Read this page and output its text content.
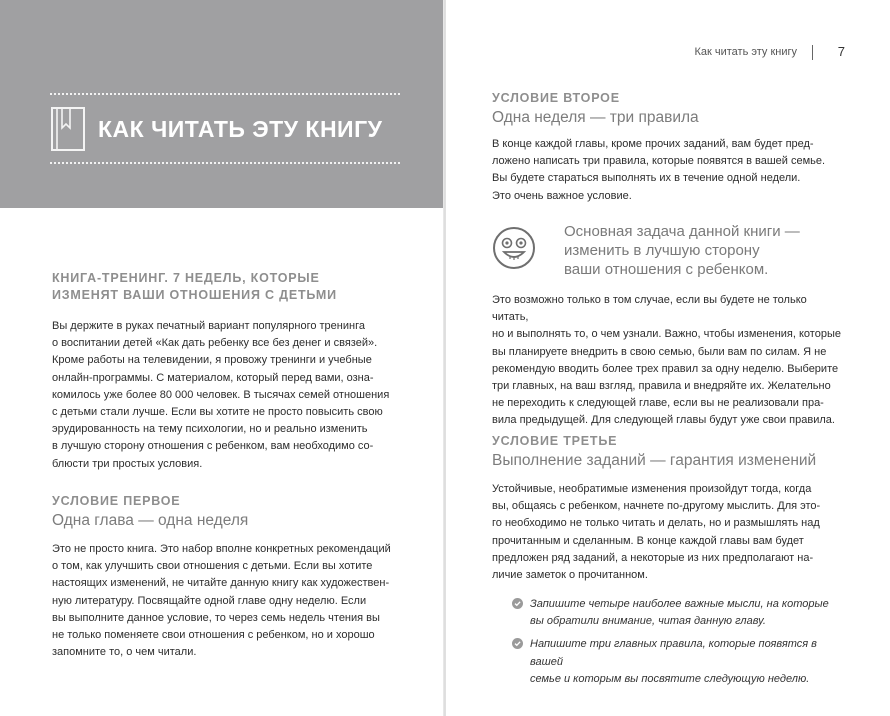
КАК ЧИТАТЬ ЭТУ КНИГУ
КНИГА-ТРЕНИНГ. 7 НЕДЕЛЬ, КОТОРЫЕ
ИЗМЕНЯТ ВАШИ ОТНОШЕНИЯ С ДЕТЬМИ
Вы держите в руках печатный вариант популярного тренинга
о воспитании детей «Как дать ребенку все без денег и связей».
Кроме работы на телевидении, я провожу тренинги и учебные
онлайн-программы. С материалом, который перед вами, озна-
комилось уже более 80 000 человек. В тысячах семей отношения
с детьми стали лучше. Если вы хотите не просто повысить свою
эрудированность на тему психологии, но и реально изменить
в лучшую сторону отношения с ребенком, вам необходимо со-
блюсти три простых условия.
УСЛОВИЕ ПЕРВОЕ
Одна глава — одна неделя
Это не просто книга. Это набор вполне конкретных рекомендаций
о том, как улучшить свои отношения с детьми. Если вы хотите
настоящих изменений, не читайте данную книгу как художествен-
ную литературу. Посвящайте одной главе одну неделю. Если
вы выполните данное условие, то через семь недель чтения вы
не только поменяете свои отношения с ребенком, но и хорошо
запомните то, о чем читали.
Как читать эту книгу	7
УСЛОВИЕ ВТОРОЕ
Одна неделя — три правила
В конце каждой главы, кроме прочих заданий, вам будет пред-
ложено написать три правила, которые появятся в вашей семье.
Вы будете стараться выполнять их в течение одной недели.
Это очень важное условие.
Основная задача данной книги —
изменить в лучшую сторону
ваши отношения с ребенком.
Это возможно только в том случае, если вы будете не только читать,
но и выполнять то, о чем узнали. Важно, чтобы изменения, которые
вы планируете внедрить в свою семью, были вам по силам. Я не
рекомендую вводить более трех правил за одну неделю. Выберите
три главных, на ваш взгляд, правила и внедряйте их. Желательно
не переходить к следующей главе, если вы не реализовали пра-
вила предыдущей. Для следующей главы будут уже свои правила.
УСЛОВИЕ ТРЕТЬЕ
Выполнение заданий — гарантия изменений
Устойчивые, необратимые изменения произойдут тогда, когда
вы, общаясь с ребенком, начнете по-другому мыслить. Для это-
го необходимо не только читать и делать, но и размышлять над
прочитанным и сделанным. В конце каждой главы вам будет
предложен ряд заданий, а некоторые из них предполагают на-
личие заметок о прочитанном.
Запишите четыре наиболее важные мысли, на которые
вы обратили внимание, читая данную главу.
Напишите три главных правила, которые появятся в вашей
семье и которым вы посвятите следующую неделю.
